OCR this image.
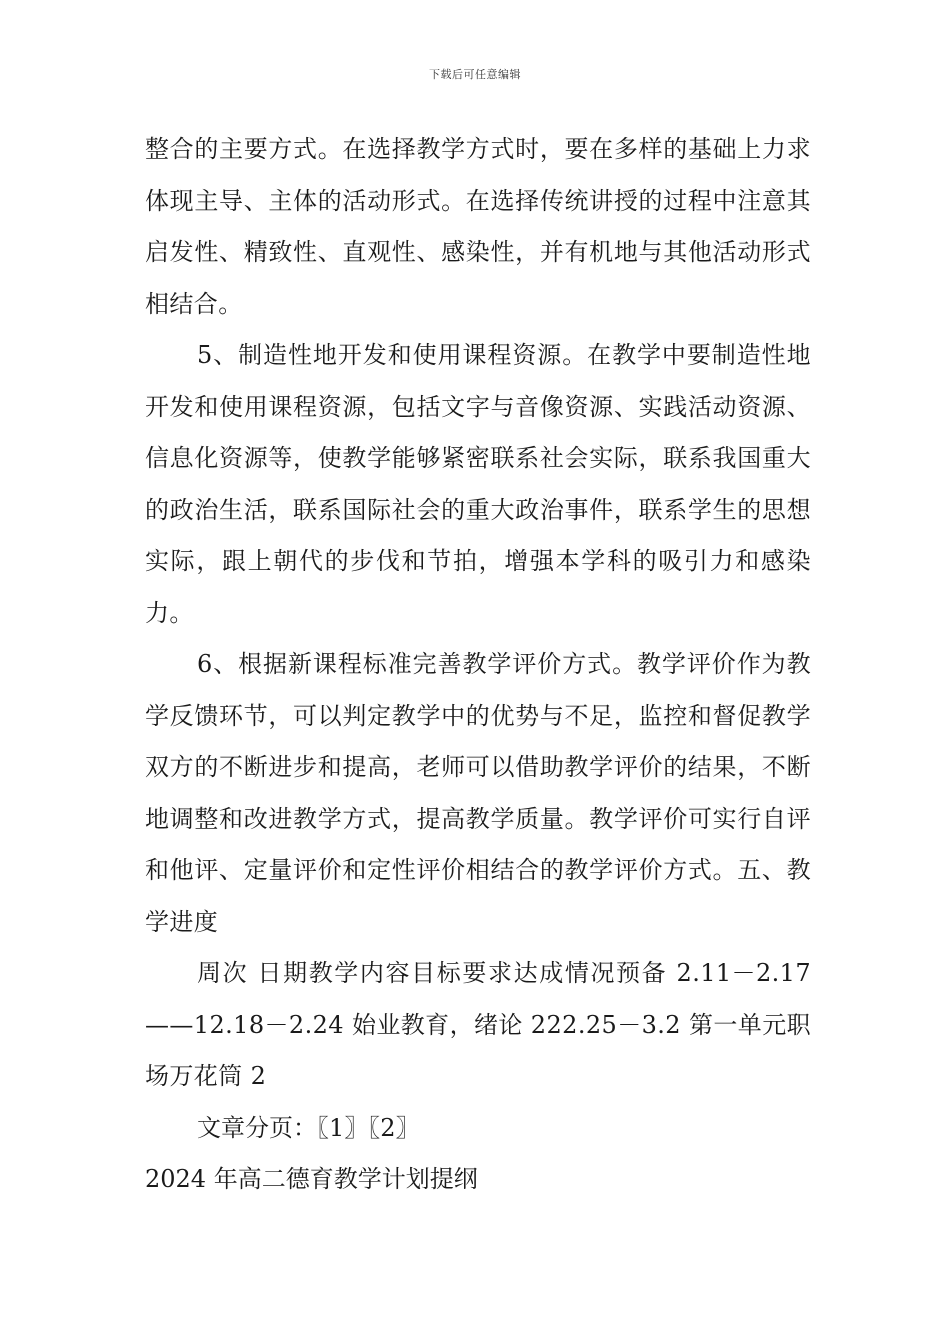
下载后可任意编辑

整合的主要方式。在选择教学方式时，要在多样的基础上力求体现主导、主体的活动形式。在选择传统讲授的过程中注意其启发性、精致性、直观性、感染性，并有机地与其他活动形式相结合。

5、制造性地开发和使用课程资源。在教学中要制造性地开发和使用课程资源，包括文字与音像资源、实践活动资源、信息化资源等，使教学能够紧密联系社会实际，联系我国重大的政治生活，联系国际社会的重大政治事件，联系学生的思想实际，跟上朝代的步伐和节拍，增强本学科的吸引力和感染力。

6、根据新课程标准完善教学评价方式。教学评价作为教学反馈环节，可以判定教学中的优势与不足，监控和督促教学双方的不断进步和提高，老师可以借助教学评价的结果，不断地调整和改进教学方式，提高教学质量。教学评价可实行自评和他评、定量评价和定性评价相结合的教学评价方式。五、教学进度

周次 日期教学内容目标要求达成情况预备 2.11－2.17——12.18－2.24 始业教育，绪论 222.25－3.2 第一单元职场万花筒 2

文章分页：〖1〗〖2〗

2024 年高二德育教学计划提纲
